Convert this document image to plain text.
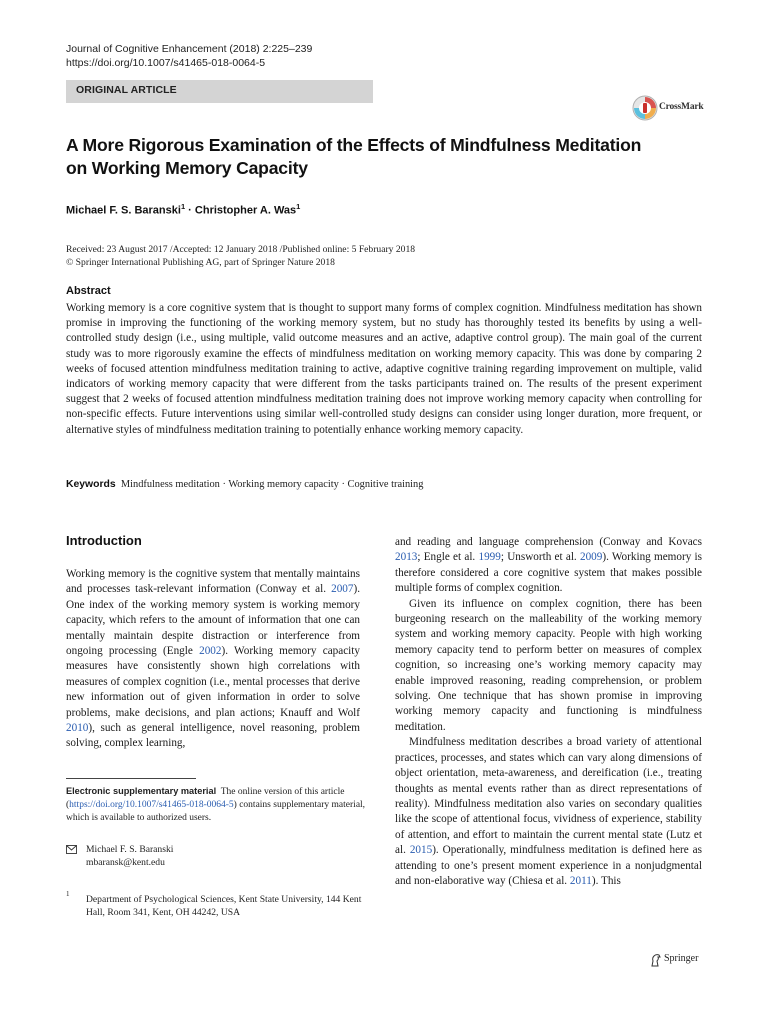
Journal of Cognitive Enhancement (2018) 2:225–239
https://doi.org/10.1007/s41465-018-0064-5
ORIGINAL ARTICLE
CrossMark
A More Rigorous Examination of the Effects of Mindfulness Meditation
on Working Memory Capacity
Michael F. S. Baranski$^1$ · Christopher A. Was$^1$
Received: 23 August 2017 /Accepted: 12 January 2018 /Published online: 5 February 2018
© Springer International Publishing AG, part of Springer Nature 2018
Abstract
Working memory is a core cognitive system that is thought to support many forms of complex cognition. Mindfulness meditation has shown promise in improving the functioning of the working memory system, but no study has thoroughly tested its benefits by using a well-controlled study design (i.e., using multiple, valid outcome measures and an active, adaptive control group). The main goal of the current study was to more rigorously examine the effects of mindfulness meditation on working memory capacity. This was done by comparing 2 weeks of focused attention mindfulness meditation training to active, adaptive cognitive training regarding improvement on multiple, valid indicators of working memory capacity that were different from the tasks participants trained on. The results of the present experiment suggest that 2 weeks of focused attention mindfulness meditation training does not improve working memory capacity when controlling for non-specific effects. Future interventions using similar well-controlled study designs can consider using longer duration, more frequent, or alternative styles of mindfulness meditation training to potentially enhance working memory capacity.
Keywords Mindfulness meditation · Working memory capacity · Cognitive training
Introduction

Working memory is the cognitive system that mentally maintains and processes task-relevant information (Conway et al. 2007). One index of the working memory system is working memory capacity, which refers to the amount of information that one can mentally maintain despite distraction or interference from ongoing processing (Engle 2002). Working memory capacity measures have consistently shown high correlations with measures of complex cognition (i.e., mental processes that derive new information out of given information in order to solve problems, make decisions, and plan actions; Knauff and Wolf 2010), such as general intelligence, novel reasoning, problem solving, complex learning,

and reading and language comprehension (Conway and Kovacs 2013; Engle et al. 1999; Unsworth et al. 2009). Working memory is therefore considered a core cognitive system that makes possible multiple forms of complex cognition.

Given its influence on complex cognition, there has been burgeoning research on the malleability of the working memory system and working memory capacity. People with high working memory capacity tend to perform better on measures of complex cognition, so increasing one’s working memory capacity may enable improved reasoning, reading comprehension, or problem solving. One technique that has shown promise in improving working memory capacity and functioning is mindfulness meditation.

Mindfulness meditation describes a broad variety of attentional practices, processes, and states which can vary along dimensions of object orientation, meta-awareness, and dereification (i.e., treating thoughts as mental events rather than as direct representations of reality). Mindfulness meditation also varies on secondary qualities like the scope of attentional focus, vividness of experience, stability of attention, and effort to maintain the current mental state (Lutz et al. 2015). Operationally, mindfulness meditation is defined here as attending to one’s present moment experience in a nonjudgmental and non-elaborative way (Chiesa et al. 2011). This

Electronic supplementary material The online version of this article (https://doi.org/10.1007/s41465-018-0064-5) contains supplementary material, which is available to authorized users.
Michael F. S. Baranski
mbaransk@kent.edu
1 Department of Psychological Sciences, Kent State University, 144 Kent Hall, Room 341, Kent, OH 44242, USA
Springer
